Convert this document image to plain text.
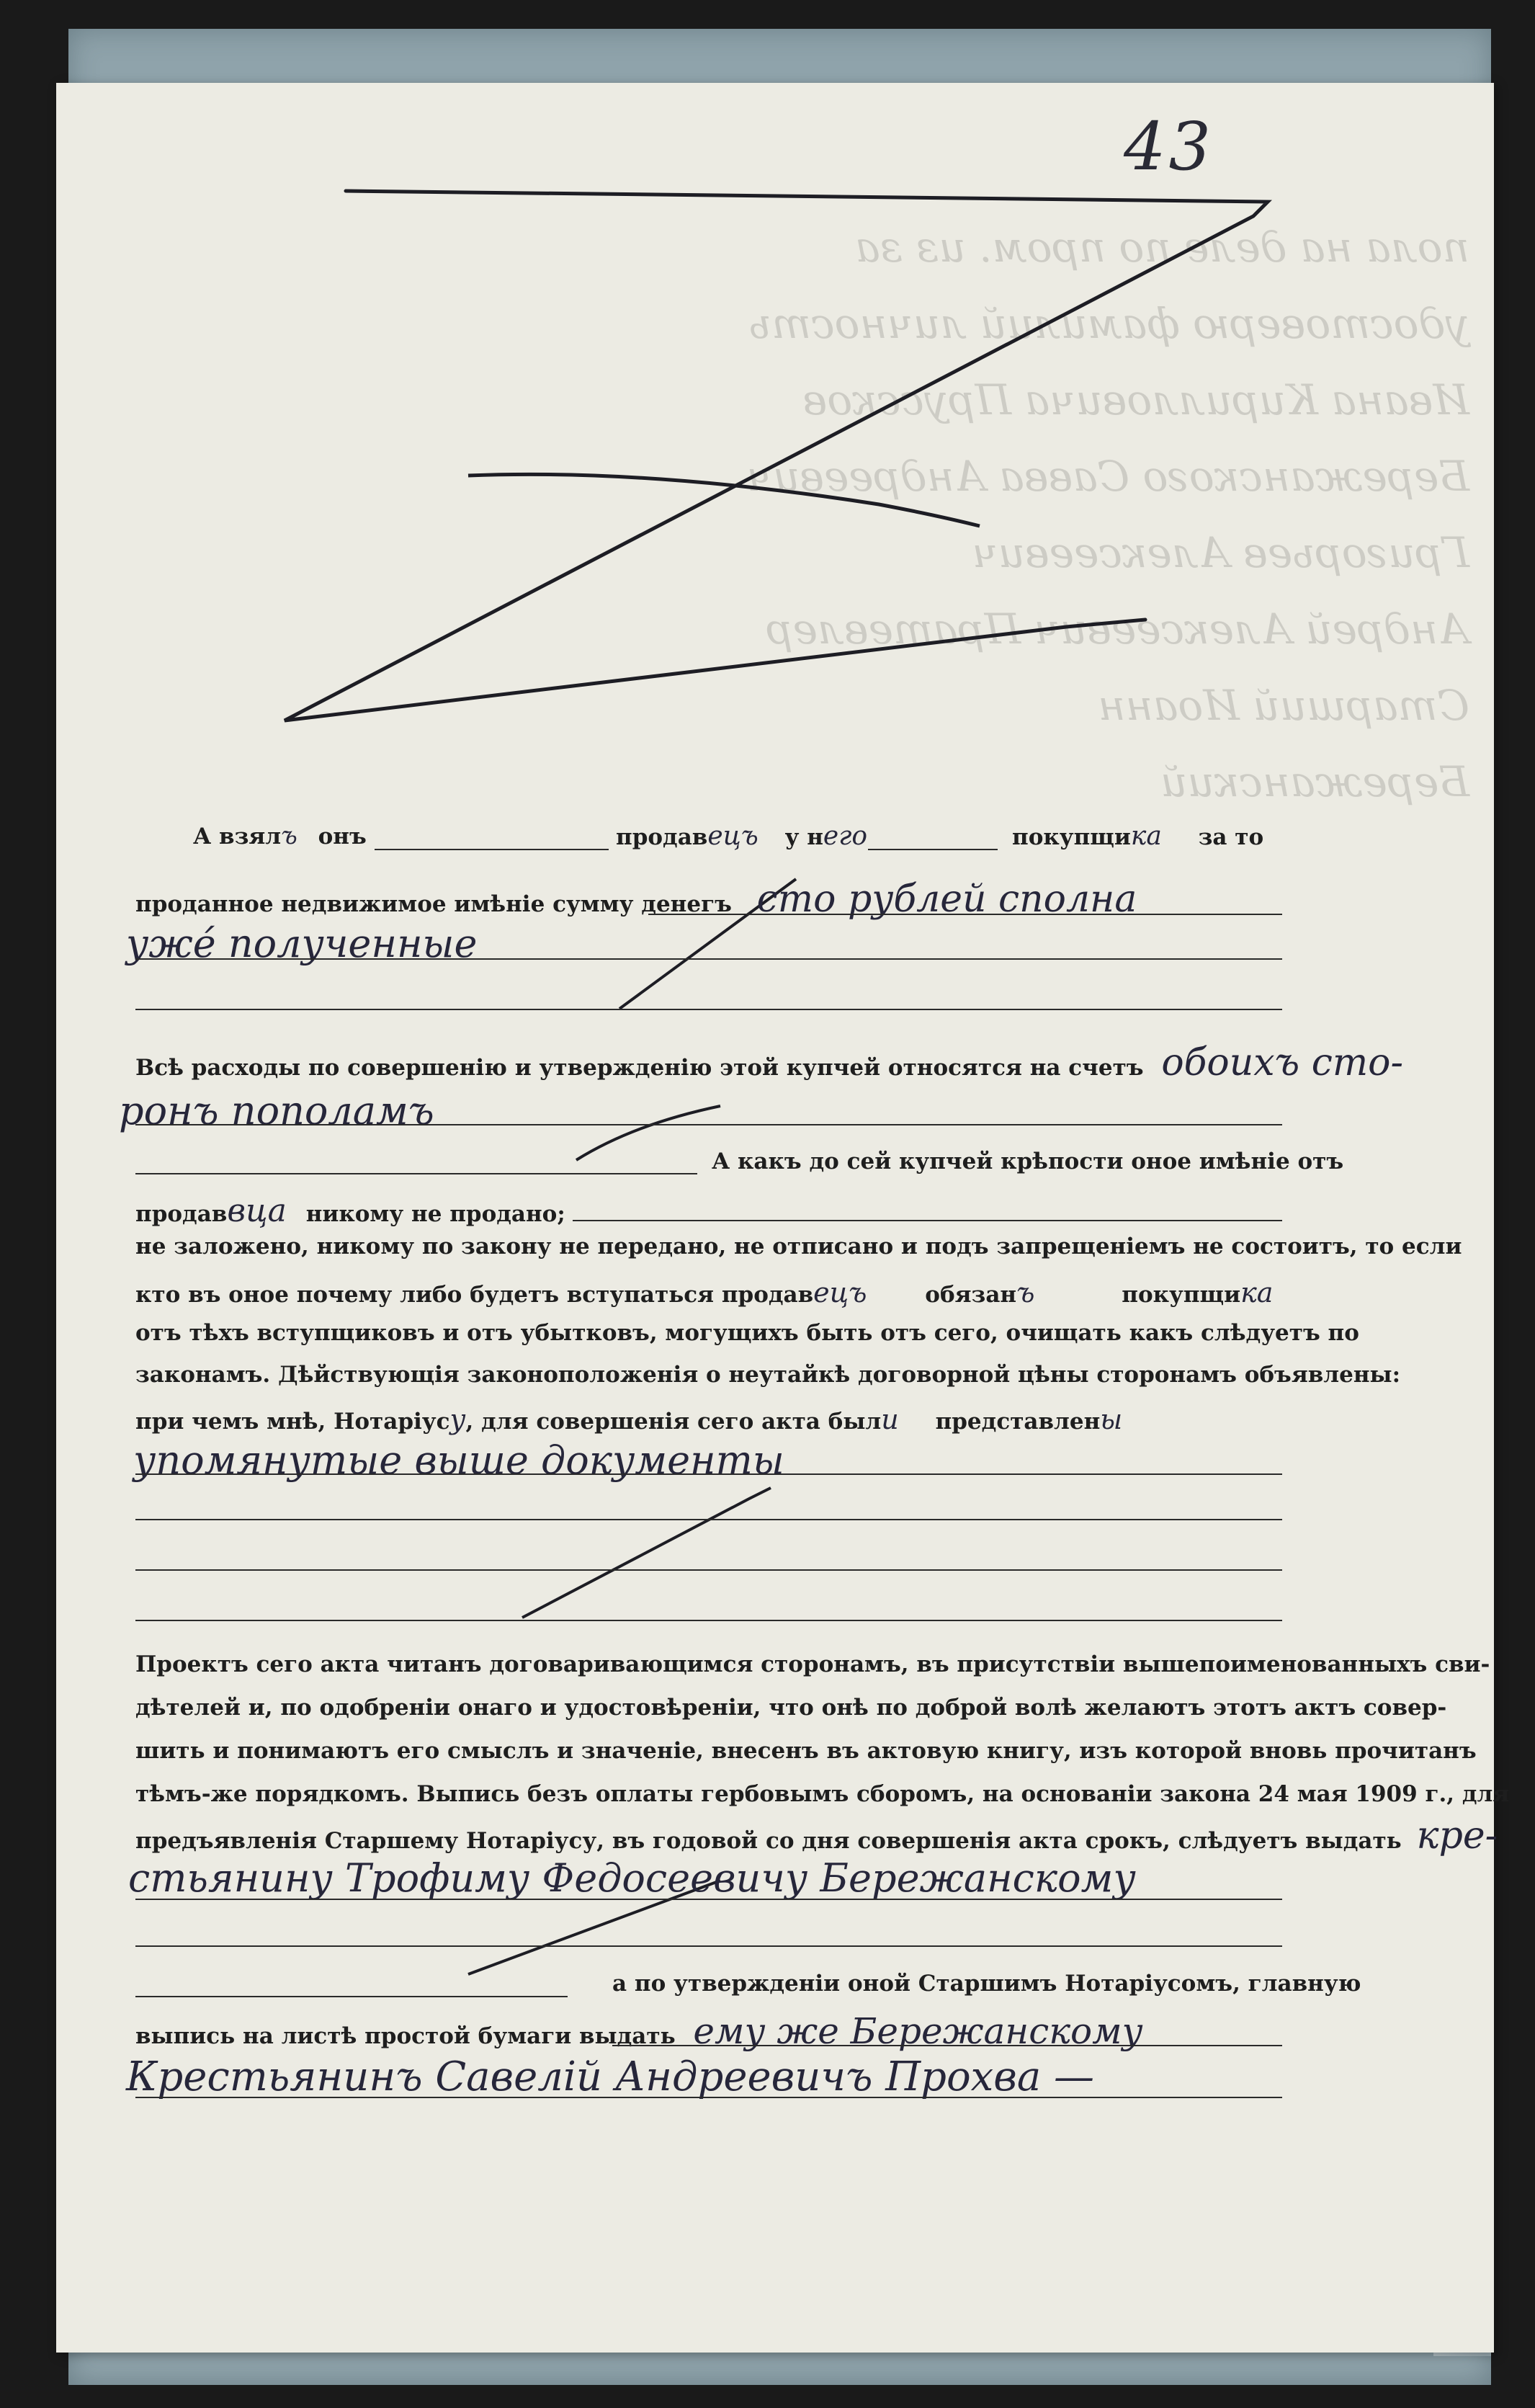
43
пола на деле по пром. из за
удостоверю фамилий личность
Ивана Кирилловича Пруссков
Бережанского Савва Андреевич
Григорьев Алексеевич
Андрей Алексеевич Пратевлер
Старший Иоанн
Бережанский
А взялъ онъ	продавецъ у него	покупщика за то
проданное недвижимое имѣніе сумму денегъ сто рублей сполна
ужé полученные
Всѣ расходы по совершенію и утвержденію этой купчей относятся на счетъ обоихъ сто-
ронъ пополамъ
А какъ до сей купчей крѣпости оное имѣніе отъ
продаввца никому не продано;
не заложено, никому по закону не передано, не отписано и подъ запрещеніемъ не состоитъ, то если
кто въ оное почему либо будетъ вступаться продавецъ	обязанъ	покупщика
отъ тѣхъ вступщиковъ и отъ убытковъ, могущихъ быть отъ сего, очищать какъ слѣдуетъ по
законамъ. Дѣйствующія законоположенія о неутайкѣ договорной цѣны сторонамъ объявлены:
при чемъ мнѣ, Нотаріусу, для совершенія сего акта были представлены
упомянутые выше документы
Проектъ сего акта читанъ договаривающимся сторонамъ, въ присутствіи вышепоименованныхъ сви-
дѣтелей и, по одобреніи онаго и удостовѣреніи, что онѣ по доброй волѣ желаютъ этотъ актъ совер-
шить и понимаютъ его смыслъ и значеніе, внесенъ въ актовую книгу, изъ которой вновь прочитанъ
тѣмъ-же порядкомъ. Выпись безъ оплаты гербовымъ сборомъ, на основаніи закона 24 мая 1909 г., для
предъявленія Старшему Нотаріусу, въ годовой со дня совершенія акта срокъ, слѣдуетъ выдать кре-
стьянину Трофиму Федосеевичу Бережанскому
а по утвержденіи оной Старшимъ Нотаріусомъ, главную
выпись на листѣ простой бумаги выдать ему же Бережанскому
Крестьянинъ Савелій Андреевичъ Прохва —
